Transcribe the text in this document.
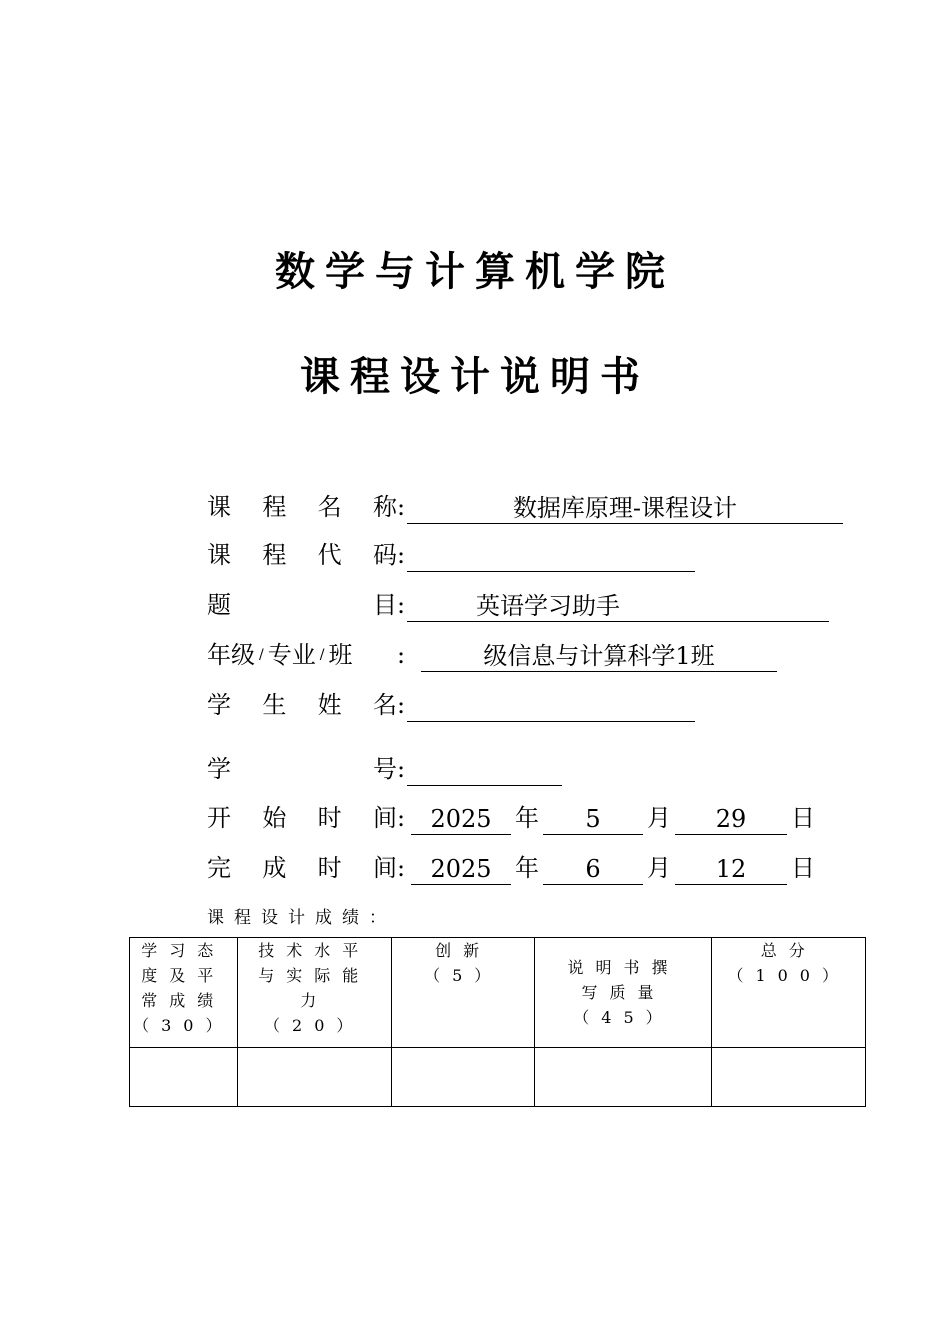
数学与计算机学院
课程设计说明书
课 程 名 称 :	数据库原理-课程设计
课 程 代 码 :
题	目 :	英语学习助手
年级 / 专业 / 班 :	级信息与计算科学1班
学 生 姓 名 :
学	号 :
开 始 时 间 :	2025 年	5	月	29	日
完 成 时 间 :	2025 年	6	月	12	日
课程设计成绩：
学习态度及平常成绩（30）	技术水平与实际能力（20）	创新（5）	说明书撰写质量（45）	总分（100）
